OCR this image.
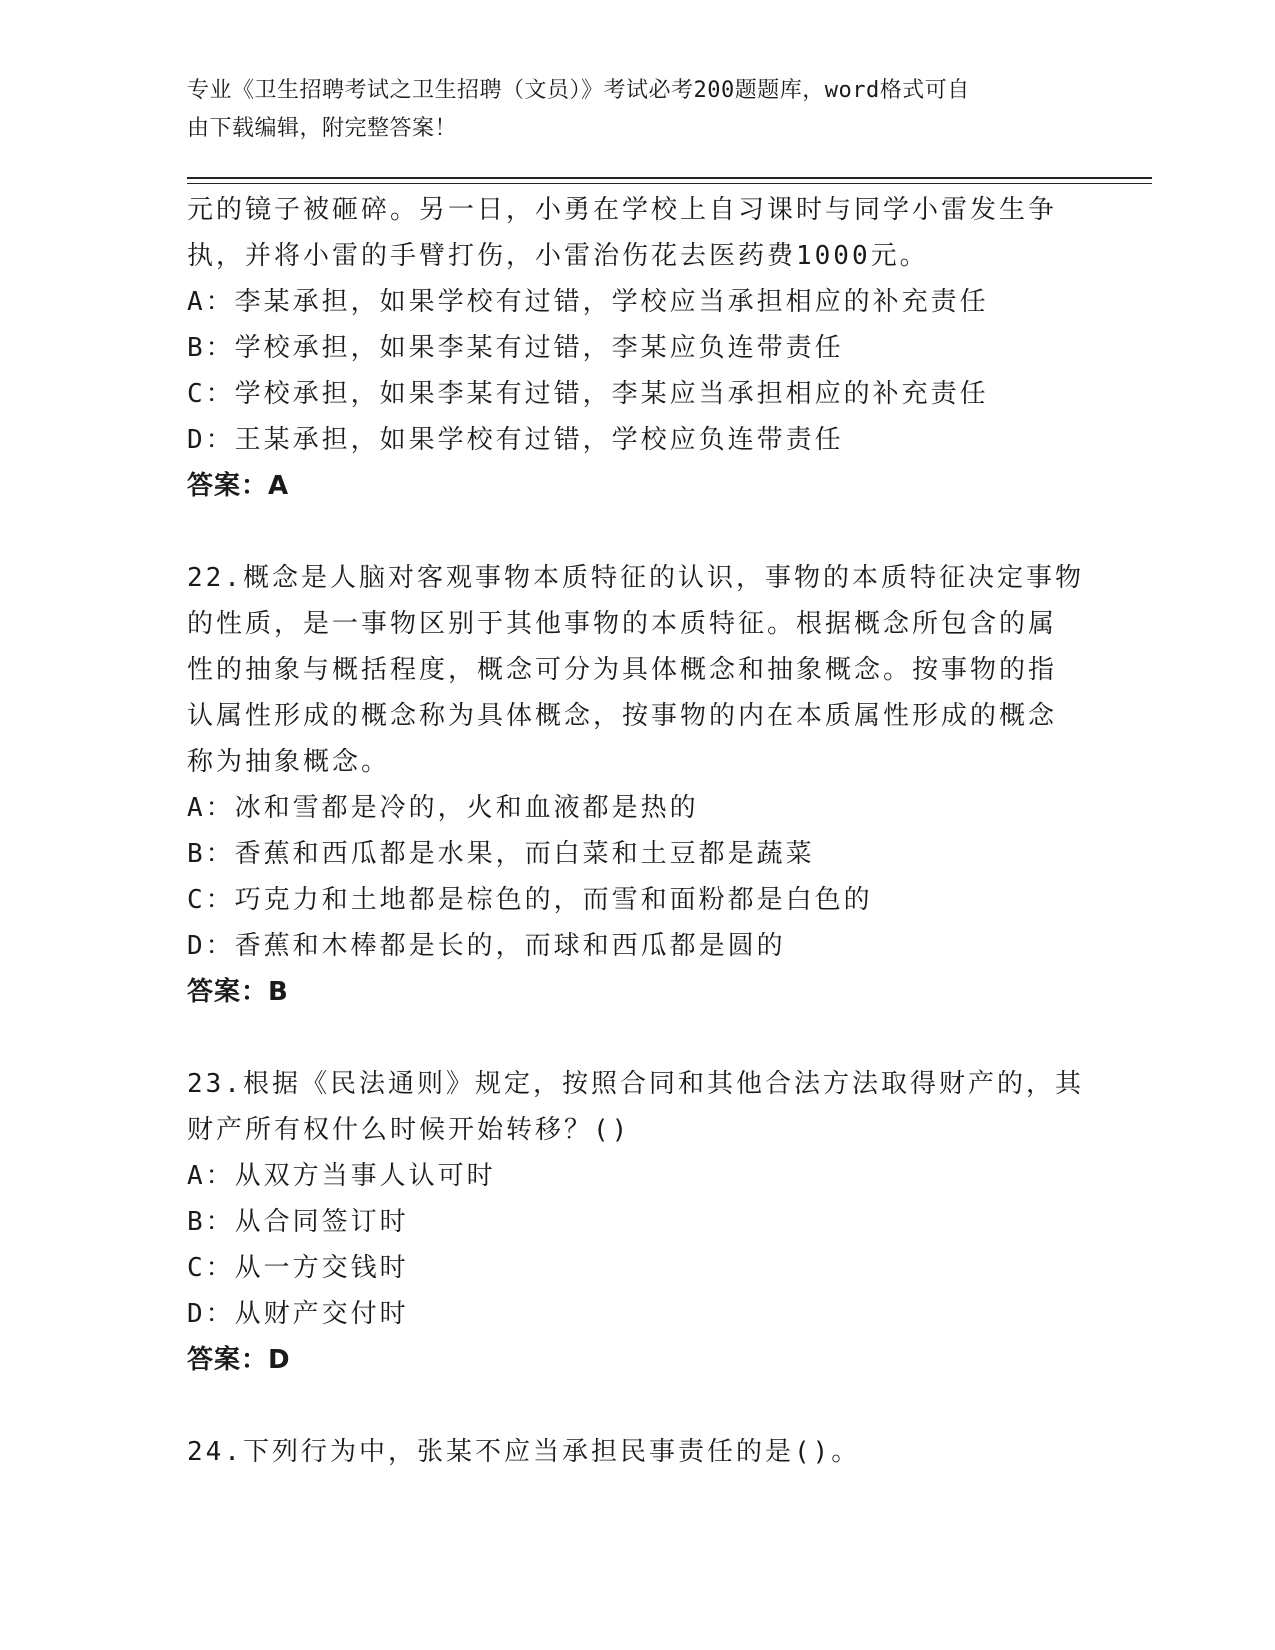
专业《卫生招聘考试之卫生招聘（文员）》考试必考200题题库，word格式可自
由下载编辑，附完整答案！
元的镜子被砸碎。另一日，小勇在学校上自习课时与同学小雷发生争
执，并将小雷的手臂打伤，小雷治伤花去医药费1000元。
A：李某承担，如果学校有过错，学校应当承担相应的补充责任
B：学校承担，如果李某有过错，李某应负连带责任
C：学校承担，如果李某有过错，李某应当承担相应的补充责任
D：王某承担，如果学校有过错，学校应负连带责任
答案：A
22.概念是人脑对客观事物本质特征的认识，事物的本质特征决定事物
的性质，是一事物区别于其他事物的本质特征。根据概念所包含的属
性的抽象与概括程度，概念可分为具体概念和抽象概念。按事物的指
认属性形成的概念称为具体概念，按事物的内在本质属性形成的概念
称为抽象概念。
A：冰和雪都是冷的，火和血液都是热的
B：香蕉和西瓜都是水果，而白菜和土豆都是蔬菜
C：巧克力和土地都是棕色的，而雪和面粉都是白色的
D：香蕉和木棒都是长的，而球和西瓜都是圆的
答案：B
23.根据《民法通则》规定，按照合同和其他合法方法取得财产的，其
财产所有权什么时候开始转移？()
A：从双方当事人认可时
B：从合同签订时
C：从一方交钱时
D：从财产交付时
答案：D
24.下列行为中，张某不应当承担民事责任的是()。
